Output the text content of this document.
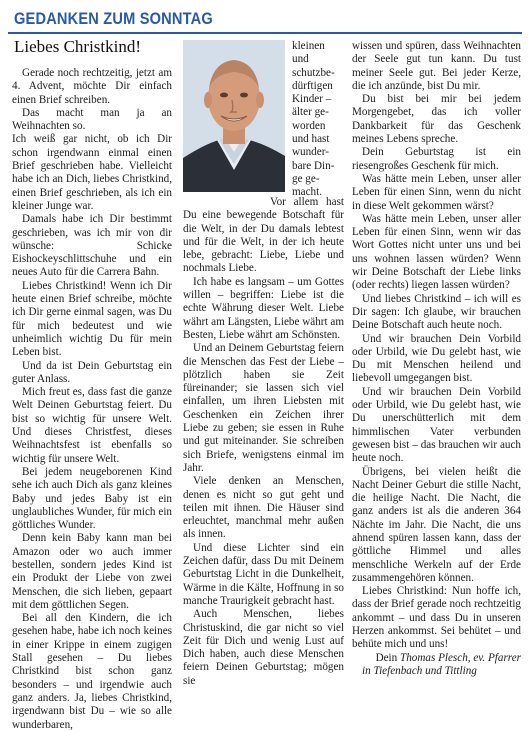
GEDANKEN ZUM SONNTAG
Liebes Christkind!

Gerade noch rechtzeitig, jetzt am 4. Advent, möchte Dir einfach einen Brief schreiben.

Das macht man ja an Weihnachten so.

Ich weiß gar nicht, ob ich Dir schon irgendwann einmal einen Brief geschrieben habe. Vielleicht habe ich an Dich, liebes Christkind, einen Brief geschrieben, als ich ein kleiner Junge war.

Damals habe ich Dir bestimmt geschrieben, was ich mir von dir wünsche: Schicke Eishockeyschlittschuhe und ein neues Auto für die Carrera Bahn.

Liebes Christkind! Wenn ich Dir heute einen Brief schreibe, möchte ich Dir gerne einmal sagen, was Du für mich bedeutest und wie unheimlich wichtig Du für mein Leben bist.

Und da ist Dein Geburtstag ein guter Anlass.

Mich freut es, dass fast die ganze Welt Deinen Geburtstag feiert. Du bist so wichtig für unsere Welt. Und dieses Christfest, dieses Weihnachtsfest ist ebenfalls so wichtig für unsere Welt.

Bei jedem neugeborenen Kind sehe ich auch Dich als ganz kleines Baby und jedes Baby ist ein unglaubliches Wunder, für mich ein göttliches Wunder.

Denn kein Baby kann man bei Amazon oder wo auch immer bestellen, sondern jedes Kind ist ein Produkt der Liebe von zwei Menschen, die sich lieben, gepaart mit dem göttlichen Segen.

Bei all den Kindern, die ich gesehen habe, habe ich noch keines in einer Krippe in einem zugigen Stall gesehen – Du liebes Christkind bist schon ganz besonders – und irgendwie auch ganz anders. Ja, liebes Christkind, irgendwann bist Du – wie so alle wunderbaren,

kleinen
und
schutzbe-
dürftigen
Kinder –
älter ge-
worden
und hast
wunder-
bare Din-
ge ge-
macht.

Vor allem hast Du eine bewegende Botschaft für die Welt, in der Du damals lebtest und für die Welt, in der ich heute lebe, gebracht: Liebe, Liebe und nochmals Liebe.

Ich habe es langsam – um Gottes willen – begriffen: Liebe ist die echte Währung dieser Welt. Liebe währt am Längsten, Liebe währt am Besten, Liebe währt am Schönsten.

Und an Deinem Geburtstag feiern die Menschen das Fest der Liebe – plötzlich haben sie Zeit füreinander; sie lassen sich viel einfallen, um ihren Liebsten mit Geschenken ein Zeichen ihrer Liebe zu geben; sie essen in Ruhe und gut miteinander. Sie schreiben sich Briefe, wenigstens einmal im Jahr.

Viele denken an Menschen, denen es nicht so gut geht und teilen mit ihnen. Die Häuser sind erleuchtet, manchmal mehr außen als innen.

Und diese Lichter sind ein Zeichen dafür, dass Du mit Deinem Geburtstag Licht in die Dunkelheit, Wärme in die Kälte, Hoffnung in so manche Traurigkeit gebracht hast.

Auch Menschen, liebes Christuskind, die gar nicht so viel Zeit für Dich und wenig Lust auf Dich haben, auch diese Menschen feiern Deinen Geburtstag; mögen sie

wissen und spüren, dass Weihnachten der Seele gut tun kann. Du tust meiner Seele gut. Bei jeder Kerze, die ich anzünde, bist Du mir.

Du bist bei mir bei jedem Morgengebet, das ich voller Dankbarkeit für das Geschenk meines Lebens spreche.

Dein Geburtstag ist ein riesengroßes Geschenk für mich.

Was hätte mein Leben, unser aller Leben für einen Sinn, wenn du nicht in diese Welt gekommen wärst?

Was hätte mein Leben, unser aller Leben für einen Sinn, wenn wir das Wort Gottes nicht unter uns und bei uns wohnen lassen würden? Wenn wir Deine Botschaft der Liebe links (oder rechts) liegen lassen würden?

Und liebes Christkind – ich will es Dir sagen: Ich glaube, wir brauchen Deine Botschaft auch heute noch.

Und wir brauchen Dein Vorbild oder Urbild, wie Du gelebt hast, wie Du mit Menschen heilend und liebevoll umgegangen bist.

Und wir brauchen Dein Vorbild oder Urbild, wie Du gelebt hast, wie Du unerschütterlich mit dem himmlischen Vater verbunden gewesen bist – das brauchen wir auch heute noch.

Übrigens, bei vielen heißt die Nacht Deiner Geburt die stille Nacht, die heilige Nacht. Die Nacht, die ganz anders ist als die anderen 364 Nächte im Jahr. Die Nacht, die uns ahnend spüren lassen kann, dass der göttliche Himmel und alles menschliche Werkeln auf der Erde zusammengehören können.

Liebes Christkind: Nun hoffe ich, dass der Brief gerade noch rechtzeitig ankommt – und dass Du in unseren Herzen ankommst. Sei behütet – und behüte mich und uns!

Dein Thomas Plesch, ev. Pfarrer

in Tiefenbach und Tittling
